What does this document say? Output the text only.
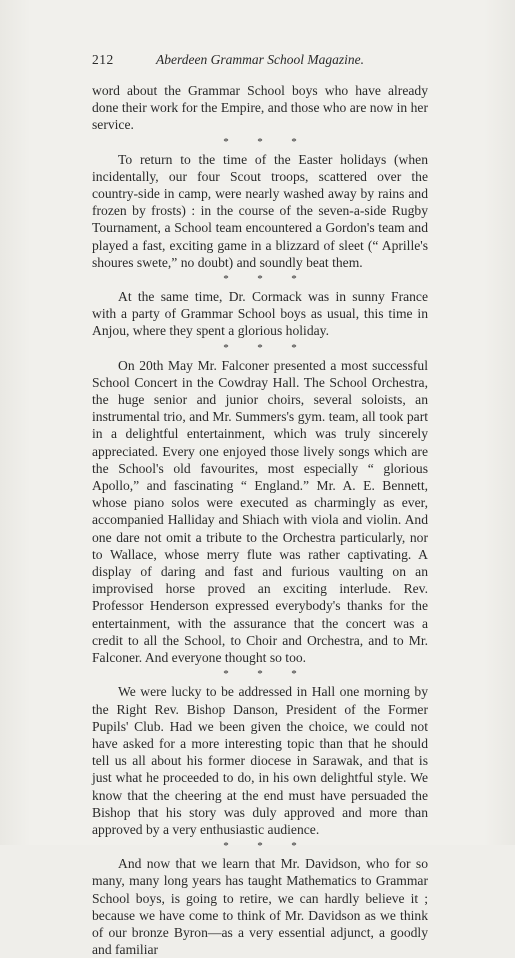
212	Aberdeen Grammar School Magazine.

word about the Grammar School boys who have already done their work for the Empire, and those who are now in her service.

*	*	*

To return to the time of the Easter holidays (when incidentally, our four Scout troops, scattered over the country-side in camp, were nearly washed away by rains and frozen by frosts) : in the course of the seven-a-side Rugby Tournament, a School team encountered a Gordon's team and played a fast, exciting game in a blizzard of sleet (“ Aprille's shoures swete,” no doubt) and soundly beat them.

*	*	*

At the same time, Dr. Cormack was in sunny France with a party of Grammar School boys as usual, this time in Anjou, where they spent a glorious holiday.

*	*	*

On 20th May Mr. Falconer presented a most successful School Concert in the Cowdray Hall. The School Orchestra, the huge senior and junior choirs, several soloists, an instrumental trio, and Mr. Summers's gym. team, all took part in a delightful entertainment, which was truly sincerely appreciated. Every one enjoyed those lively songs which are the School's old favourites, most especially “ glorious Apollo,” and fascinating “ England.” Mr. A. E. Bennett, whose piano solos were executed as charmingly as ever, accompanied Halliday and Shiach with viola and violin. And one dare not omit a tribute to the Orchestra particularly, nor to Wallace, whose merry flute was rather captivating. A display of daring and fast and furious vaulting on an improvised horse proved an exciting interlude. Rev. Professor Henderson expressed everybody's thanks for the entertainment, with the assurance that the concert was a credit to all the School, to Choir and Orchestra, and to Mr. Falconer. And everyone thought so too.

*	*	*

We were lucky to be addressed in Hall one morning by the Right Rev. Bishop Danson, President of the Former Pupils' Club. Had we been given the choice, we could not have asked for a more interesting topic than that he should tell us all about his former diocese in Sarawak, and that is just what he proceeded to do, in his own delightful style. We know that the cheering at the end must have persuaded the Bishop that his story was duly approved and more than approved by a very enthusiastic audience.

*	*	*

And now that we learn that Mr. Davidson, who for so many, many long years has taught Mathematics to Grammar School boys, is going to retire, we can hardly believe it ; because we have come to think of Mr. Davidson as we think of our bronze Byron—as a very essential adjunct, a goodly and familiar
